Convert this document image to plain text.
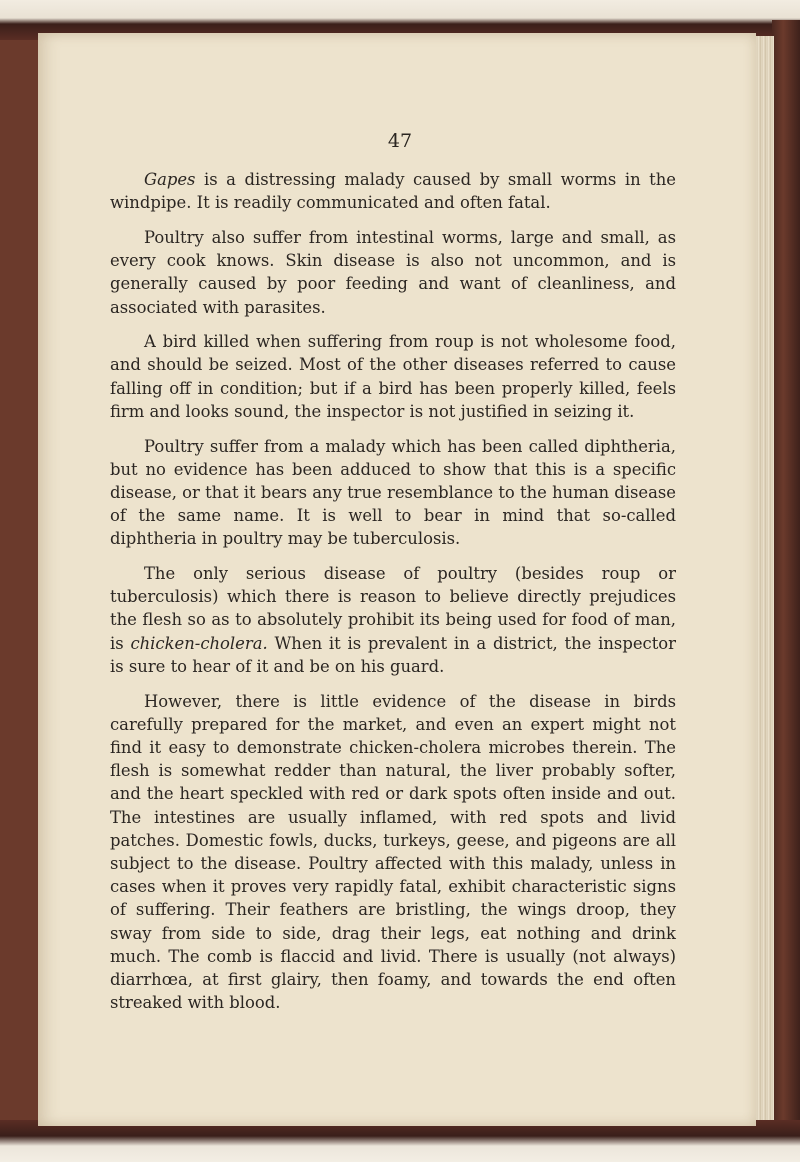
47

Gapes is a distressing malady caused by small worms in the windpipe. It is readily communicated and often fatal.

Poultry also suffer from intestinal worms, large and small, as every cook knows. Skin disease is also not uncommon, and is generally caused by poor feeding and want of cleanliness, and associated with parasites.

A bird killed when suffering from roup is not wholesome food, and should be seized. Most of the other diseases referred to cause falling off in condition; but if a bird has been properly killed, feels firm and looks sound, the inspector is not justified in seizing it.

Poultry suffer from a malady which has been called diphtheria, but no evidence has been adduced to show that this is a specific disease, or that it bears any true resemblance to the human disease of the same name. It is well to bear in mind that so-called diphtheria in poultry may be tuberculosis.

The only serious disease of poultry (besides roup or tuberculosis) which there is reason to believe directly prejudices the flesh so as to absolutely prohibit its being used for food of man, is chicken-cholera. When it is prevalent in a district, the inspector is sure to hear of it and be on his guard.

However, there is little evidence of the disease in birds carefully prepared for the market, and even an expert might not find it easy to demonstrate chicken-cholera microbes therein. The flesh is somewhat redder than natural, the liver probably softer, and the heart speckled with red or dark spots often inside and out. The intestines are usually inflamed, with red spots and livid patches. Domestic fowls, ducks, turkeys, geese, and pigeons are all subject to the disease. Poultry affected with this malady, unless in cases when it proves very rapidly fatal, exhibit characteristic signs of suffering. Their feathers are bristling, the wings droop, they sway from side to side, drag their legs, eat nothing and drink much. The comb is flaccid and livid. There is usually (not always) diarrhœa, at first glairy, then foamy, and towards the end often streaked with blood.
